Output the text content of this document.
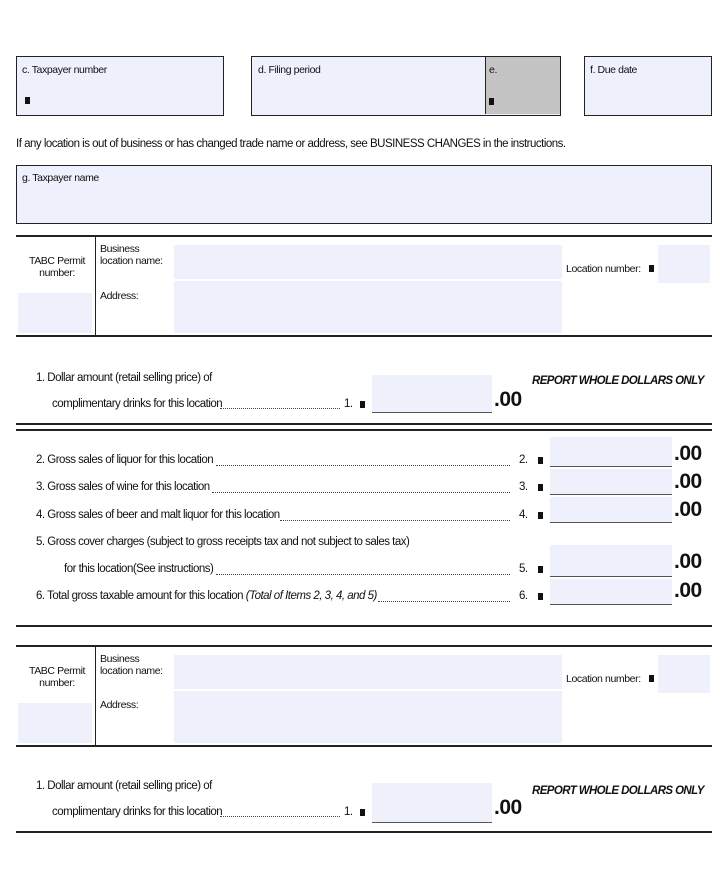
c. Taxpayer number	d. Filing period	e.	f. Due date
If any location is out of business or has changed trade name or address, see BUSINESS CHANGES in the instructions.
g. Taxpayer name
TABC Permit
number:
Business
location name:
Address:
Location number:
1. Dollar amount (retail selling price) of
complimentary drinks for this location	1.	.00
REPORT WHOLE DOLLARS ONLY
2. Gross sales of liquor for this location	2.	.00
3. Gross sales of wine for this location	3.	.00
4. Gross sales of beer and malt liquor for this location	4.	.00
5. Gross cover charges (subject to gross receipts tax and not subject to sales tax)
for this location(See instructions)	5.	.00
6. Total gross taxable amount for this location (Total of Items 2, 3, 4, and 5)	6.	.00
TABC Permit
number:
Business
location name:
Address:
Location number:
1. Dollar amount (retail selling price) of
complimentary drinks for this location	1.	.00
REPORT WHOLE DOLLARS ONLY
